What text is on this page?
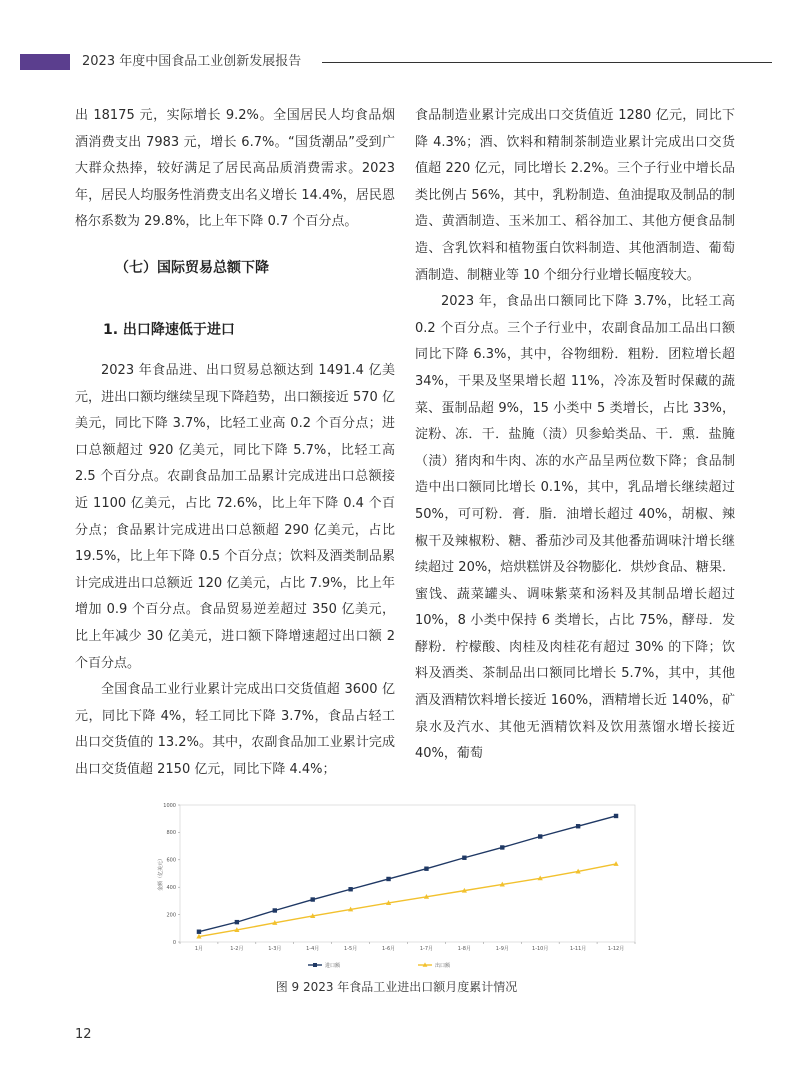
2023 年度中国食品工业创新发展报告

出 18175 元，实际增长 9.2%。全国居民人均食品烟酒消费支出 7983 元，增长 6.7%。“国货潮品”受到广大群众热捧，较好满足了居民高品质消费需求。2023 年，居民人均服务性消费支出名义增长 14.4%，居民恩格尔系数为 29.8%，比上年下降 0.7 个百分点。

（七）国际贸易总额下降
1. 出口降速低于进口

2023 年食品进、出口贸易总额达到 1491.4 亿美元，进出口额均继续呈现下降趋势，出口额接近 570 亿美元，同比下降 3.7%，比轻工业高 0.2 个百分点；进口总额超过 920 亿美元，同比下降 5.7%，比轻工高 2.5 个百分点。农副食品加工品累计完成进出口总额接近 1100 亿美元，占比 72.6%，比上年下降 0.4 个百分点；食品累计完成进出口总额超 290 亿美元，占比 19.5%，比上年下降 0.5 个百分点；饮料及酒类制品累计完成进出口总额近 120 亿美元，占比 7.9%，比上年增加 0.9 个百分点。食品贸易逆差超过 350 亿美元，比上年减少 30 亿美元，进口额下降增速超过出口额 2 个百分点。

全国食品工业行业累计完成出口交货值超 3600 亿元，同比下降 4%，轻工同比下降 3.7%，食品占轻工出口交货值的 13.2%。其中，农副食品加工业累计完成出口交货值超 2150 亿元，同比下降 4.4%；

食品制造业累计完成出口交货值近 1280 亿元，同比下降 4.3%；酒、饮料和精制茶制造业累计完成出口交货值超 220 亿元，同比增长 2.2%。三个子行业中增长品类比例占 56%，其中，乳粉制造、鱼油提取及制品的制造、黄酒制造、玉米加工、稻谷加工、其他方便食品制造、含乳饮料和植物蛋白饮料制造、其他酒制造、葡萄酒制造、制糖业等 10 个细分行业增长幅度较大。

2023 年，食品出口额同比下降 3.7%，比轻工高 0.2 个百分点。三个子行业中，农副食品加工品出口额同比下降 6.3%，其中，谷物细粉．粗粉．团粒增长超 34%，干果及坚果增长超 11%，冷冻及暂时保藏的蔬菜、蛋制品超 9%，15 小类中 5 类增长，占比 33%，淀粉、冻．干．盐腌（渍）贝参蛤类品、干．熏．盐腌（渍）猪肉和牛肉、冻的水产品呈两位数下降；食品制造中出口额同比增长 0.1%，其中，乳品增长继续超过 50%，可可粉．膏．脂．油增长超过 40%，胡椒、辣椒干及辣椒粉、糖、番茄沙司及其他番茄调味汁增长继续超过 20%，焙烘糕饼及谷物膨化．烘炒食品、糖果．蜜饯、蔬菜罐头、调味紫菜和汤料及其制品增长超过 10%，8 小类中保持 6 类增长，占比 75%，酵母．发酵粉．柠檬酸、肉桂及肉桂花有超过 30% 的下降；饮料及酒类、茶制品出口额同比增长 5.7%，其中，其他酒及酒精饮料增长接近 160%，酒精增长近 140%，矿泉水及汽水、其他无酒精饮料及饮用蒸馏水增长接近 40%，葡萄

0
200
400
600
800
1000
金额（亿美元）
1月	1-2月	1-3月	1-4月	1-5月	1-6月	1-7月	1-8月	1-9月	1-10月	1-11月	1-12月
进口额	出口额
图 9 2023 年食品工业进出口额月度累计情况
12
